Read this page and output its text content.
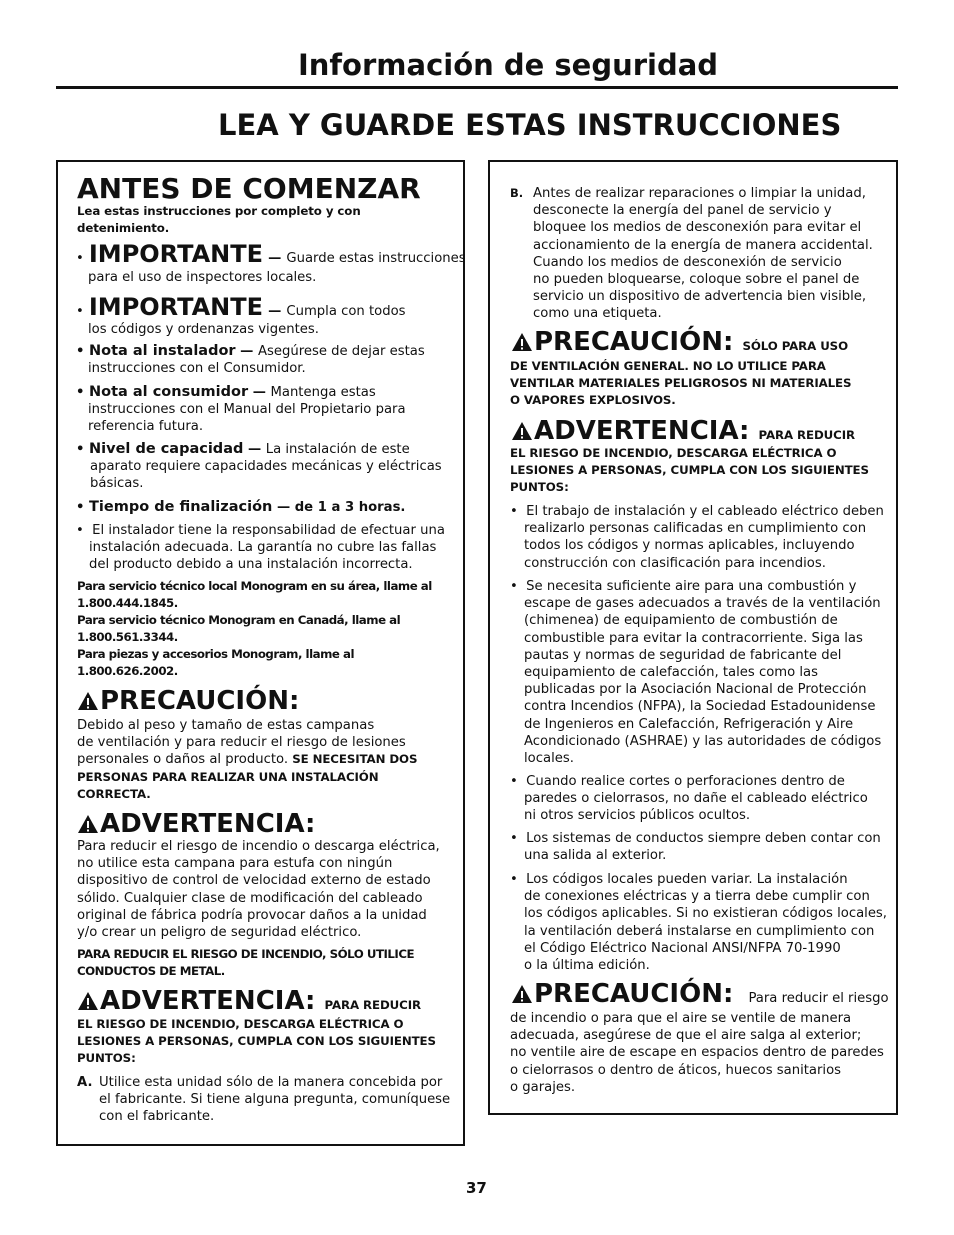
Información de seguridad
LEA Y GUARDE ESTAS INSTRUCCIONES
ANTES DE COMENZAR
Lea estas instrucciones por completo y con
detenimiento.
• IMPORTANTE — Guarde estas instrucciones
para el uso de inspectores locales.
• IMPORTANTE — Cumpla con todos
los códigos y ordenanzas vigentes.
• Nota al instalador — Asegúrese de dejar estas
instrucciones con el Consumidor.
• Nota al consumidor — Mantenga estas
instrucciones con el Manual del Propietario para
referencia futura.
• Nivel de capacidad — La instalación de este
aparato requiere capacidades mecánicas y eléctricas
básicas.
• Tiempo de finalización — de 1 a 3 horas.
•  El instalador tiene la responsabilidad de efectuar una
instalación adecuada. La garantía no cubre las fallas
del producto debido a una instalación incorrecta.
Para servicio técnico local Monogram en su área, llame al
1.800.444.1845.
Para servicio técnico Monogram en Canadá, llame al
1.800.561.3344.
Para piezas y accesorios Monogram, llame al
1.800.626.2002.
PRECAUCIÓN:
Debido al peso y tamaño de estas campanas
de ventilación y para reducir el riesgo de lesiones
personales o daños al producto. SE NECESITAN DOS
PERSONAS PARA REALIZAR UNA INSTALACIÓN
CORRECTA.
ADVERTENCIA:
Para reducir el riesgo de incendio o descarga eléctrica,
no utilice esta campana para estufa con ningún
dispositivo de control de velocidad externo de estado
sólido. Cualquier clase de modificación del cableado
original de fábrica podría provocar daños a la unidad
y/o crear un peligro de seguridad eléctrico.
PARA REDUCIR EL RIESGO DE INCENDIO, SÓLO UTILICE
CONDUCTOS DE METAL.
ADVERTENCIA: PARA REDUCIR
EL RIESGO DE INCENDIO, DESCARGA ELÉCTRICA O
LESIONES A PERSONAS, CUMPLA CON LOS SIGUIENTES
PUNTOS:
A. Utilice esta unidad sólo de la manera concebida por
el fabricante. Si tiene alguna pregunta, comuníquese
con el fabricante.
B. Antes de realizar reparaciones o limpiar la unidad,
desconecte la energía del panel de servicio y
bloquee los medios de desconexión para evitar el
accionamiento de la energía de manera accidental.
Cuando los medios de desconexión de servicio
no pueden bloquearse, coloque sobre el panel de
servicio un dispositivo de advertencia bien visible,
como una etiqueta.
PRECAUCIÓN: SÓLO PARA USO
DE VENTILACIÓN GENERAL. NO LO UTILICE PARA
VENTILAR MATERIALES PELIGROSOS NI MATERIALES
O VAPORES EXPLOSIVOS.
ADVERTENCIA: PARA REDUCIR
EL RIESGO DE INCENDIO, DESCARGA ELÉCTRICA O
LESIONES A PERSONAS, CUMPLA CON LOS SIGUIENTES
PUNTOS:
•  El trabajo de instalación y el cableado eléctrico deben
realizarlo personas calificadas en cumplimiento con
todos los códigos y normas aplicables, incluyendo
construcción con clasificación para incendios.
•  Se necesita suficiente aire para una combustión y
escape de gases adecuados a través de la ventilación
(chimenea) de equipamiento de combustión de
combustible para evitar la contracorriente. Siga las
pautas y normas de seguridad de fabricante del
equipamiento de calefacción, tales como las
publicadas por la Asociación Nacional de Protección
contra Incendios (NFPA), la Sociedad Estadounidense
de Ingenieros en Calefacción, Refrigeración y Aire
Acondicionado (ASHRAE) y las autoridades de códigos
locales.
•  Cuando realice cortes o perforaciones dentro de
paredes o cielorrasos, no dañe el cableado eléctrico
ni otros servicios públicos ocultos.
•  Los sistemas de conductos siempre deben contar con
una salida al exterior.
•  Los códigos locales pueden variar. La instalación
de conexiones eléctricas y a tierra debe cumplir con
los códigos aplicables. Si no existieran códigos locales,
la ventilación deberá instalarse en cumplimiento con
el Código Eléctrico Nacional ANSI/NFPA 70-1990
o la última edición.
PRECAUCIÓN: Para reducir el riesgo
de incendio o para que el aire se ventile de manera
adecuada, asegúrese de que el aire salga al exterior;
no ventile aire de escape en espacios dentro de paredes
o cielorrasos o dentro de áticos, huecos sanitarios
o garajes.
37
